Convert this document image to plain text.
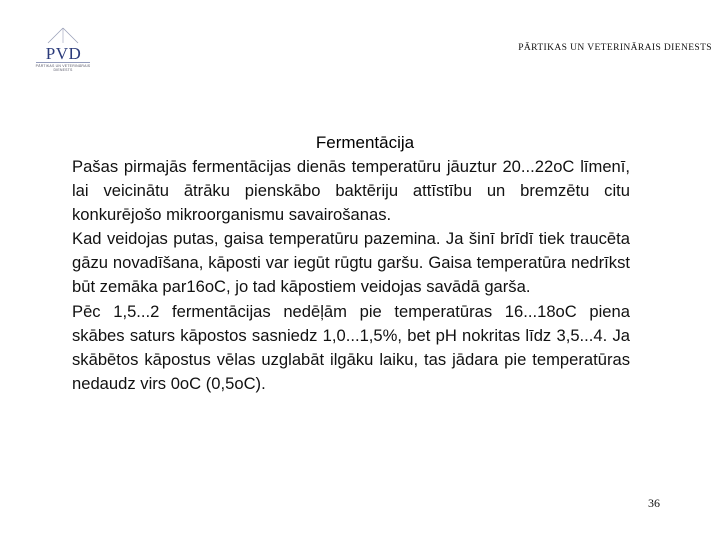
PVD
PĀRTIKAS UN VETERINĀRAIS DIENESTS
PĀRTIKAS UN VETERINĀRAIS DIENESTS
Fermentācija

Pašas pirmajās fermentācijas dienās temperatūru jāuztur 20...22oC līmenī, lai veicinātu ātrāku pienskābo baktēriju attīstību un bremzētu citu konkurējošo mikroorganismu savairošanas.

Kad veidojas putas, gaisa temperatūru pazemina. Ja šinī brīdī tiek traucēta gāzu novadīšana, kāposti var iegūt rūgtu garšu. Gaisa temperatūra nedrīkst būt zemāka par16oC, jo tad kāpostiem veidojas savādā garša.

Pēc 1,5...2 fermentācijas nedēļām pie temperatūras 16...18oC piena skābes saturs kāpostos sasniedz 1,0...1,5%, bet pH nokritas līdz 3,5...4. Ja skābētos kāpostus vēlas uzglabāt ilgāku laiku, tas jādara pie temperatūras nedaudz virs 0oC (0,5oC).

36
